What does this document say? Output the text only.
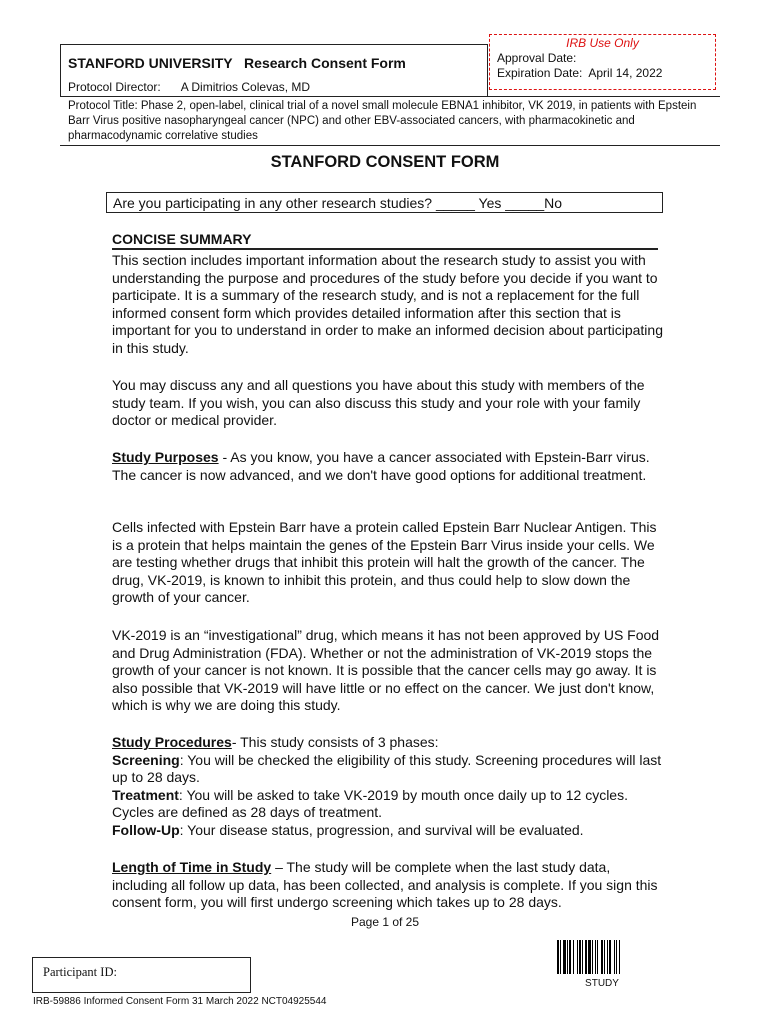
STANFORD UNIVERSITY   Research Consent Form
Protocol Director: A Dimitrios Colevas, MD
IRB Use Only
Approval Date:
Expiration Date:  April 14, 2022
Protocol Title: Phase 2, open-label, clinical trial of a novel small molecule EBNA1 inhibitor, VK 2019, in patients with Epstein Barr Virus positive nasopharyngeal cancer (NPC) and other EBV-associated cancers, with pharmacokinetic and pharmacodynamic correlative studies
STANFORD CONSENT FORM
Are you participating in any other research studies? _____ Yes _____No
CONCISE SUMMARY

This section includes important information about the research study to assist you with understanding the purpose and procedures of the study before you decide if you want to participate. It is a summary of the research study, and is not a replacement for the full informed consent form which provides detailed information after this section that is important for you to understand in order to make an informed decision about participating in this study.

You may discuss any and all questions you have about this study with members of the study team. If you wish, you can also discuss this study and your role with your family doctor or medical provider.

Study Purposes - As you know, you have a cancer associated with Epstein-Barr virus. The cancer is now advanced, and we don't have good options for additional treatment.

Cells infected with Epstein Barr have a protein called Epstein Barr Nuclear Antigen. This is a protein that helps maintain the genes of the Epstein Barr Virus inside your cells. We are testing whether drugs that inhibit this protein will halt the growth of the cancer. The drug, VK-2019, is known to inhibit this protein, and thus could help to slow down the growth of your cancer.

VK-2019 is an “investigational” drug, which means it has not been approved by US Food and Drug Administration (FDA). Whether or not the administration of VK-2019 stops the growth of your cancer is not known. It is possible that the cancer cells may go away. It is also possible that VK-2019 will have little or no effect on the cancer. We just don't know, which is why we are doing this study.

Study Procedures- This study consists of 3 phases:
Screening: You will be checked the eligibility of this study. Screening procedures will last up to 28 days.
Treatment: You will be asked to take VK-2019 by mouth once daily up to 12 cycles. Cycles are defined as 28 days of treatment.
Follow-Up: Your disease status, progression, and survival will be evaluated.

Length of Time in Study – The study will be complete when the last study data, including all follow up data, has been collected, and analysis is complete. If you sign this consent form, you will first undergo screening which takes up to 28 days.

Page 1 of 25
Participant ID:
STUDY
IRB-59886 Informed Consent Form 31 March 2022 NCT04925544
